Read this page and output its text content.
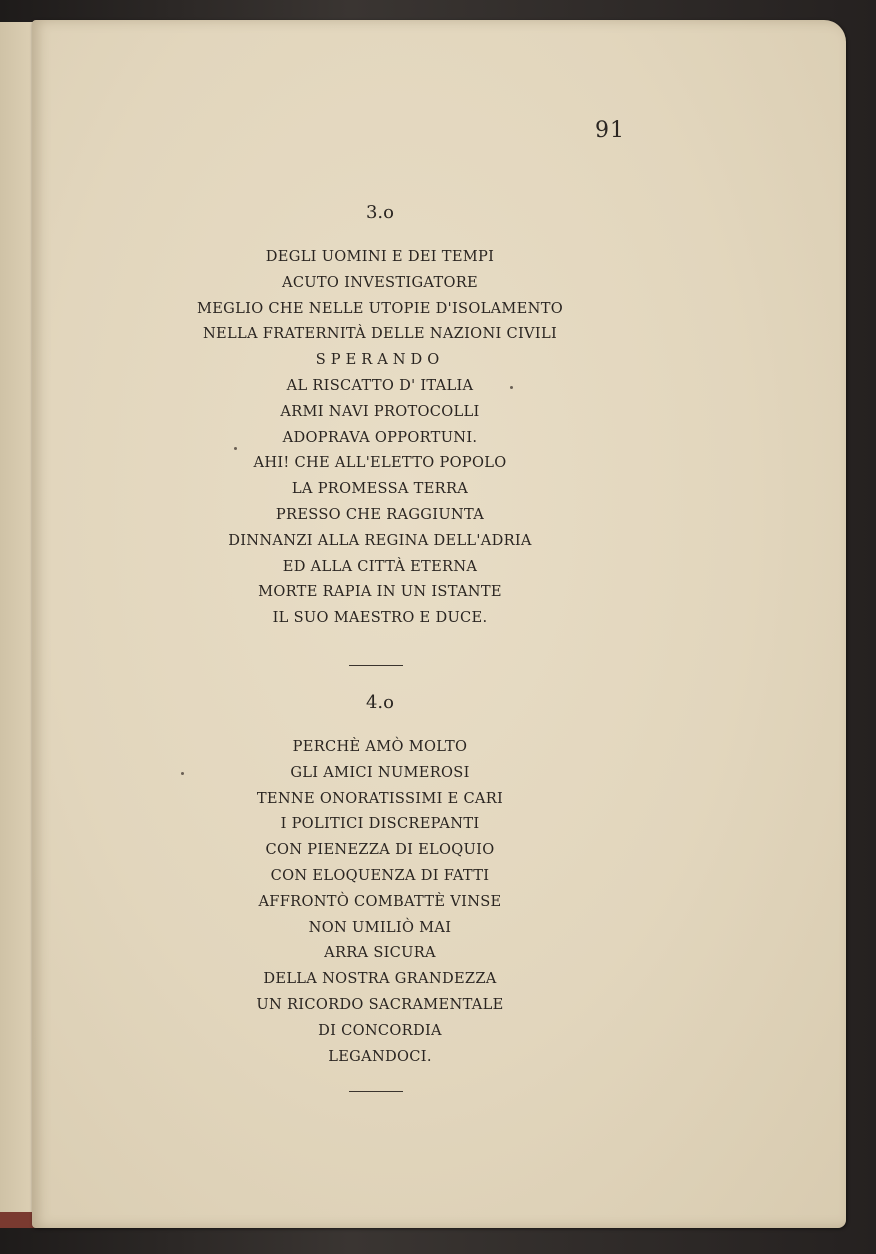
91
3.o
DEGLI UOMINI E DEI TEMPI
ACUTO INVESTIGATORE
MEGLIO CHE NELLE UTOPIE D'ISOLAMENTO
NELLA FRATERNITÀ DELLE NAZIONI CIVILI
SPERANDO
AL RISCATTO D' ITALIA
ARMI NAVI PROTOCOLLI
ADOPRAVA OPPORTUNI.
AHI! CHE ALL'ELETTO POPOLO
LA PROMESSA TERRA
PRESSO CHE RAGGIUNTA
DINNANZI ALLA REGINA DELL'ADRIA
ED ALLA CITTÀ ETERNA
MORTE RAPIA IN UN ISTANTE
IL SUO MAESTRO E DUCE.
4.o
PERCHÈ AMÒ MOLTO
GLI AMICI NUMEROSI
TENNE ONORATISSIMI E CARI
I POLITICI DISCREPANTI
CON PIENEZZA DI ELOQUIO
CON ELOQUENZA DI FATTI
AFFRONTÒ COMBATTÈ VINSE
NON UMILIÒ MAI
ARRA SICURA
DELLA NOSTRA GRANDEZZA
UN RICORDO SACRAMENTALE
DI CONCORDIA
LEGANDOCI.
